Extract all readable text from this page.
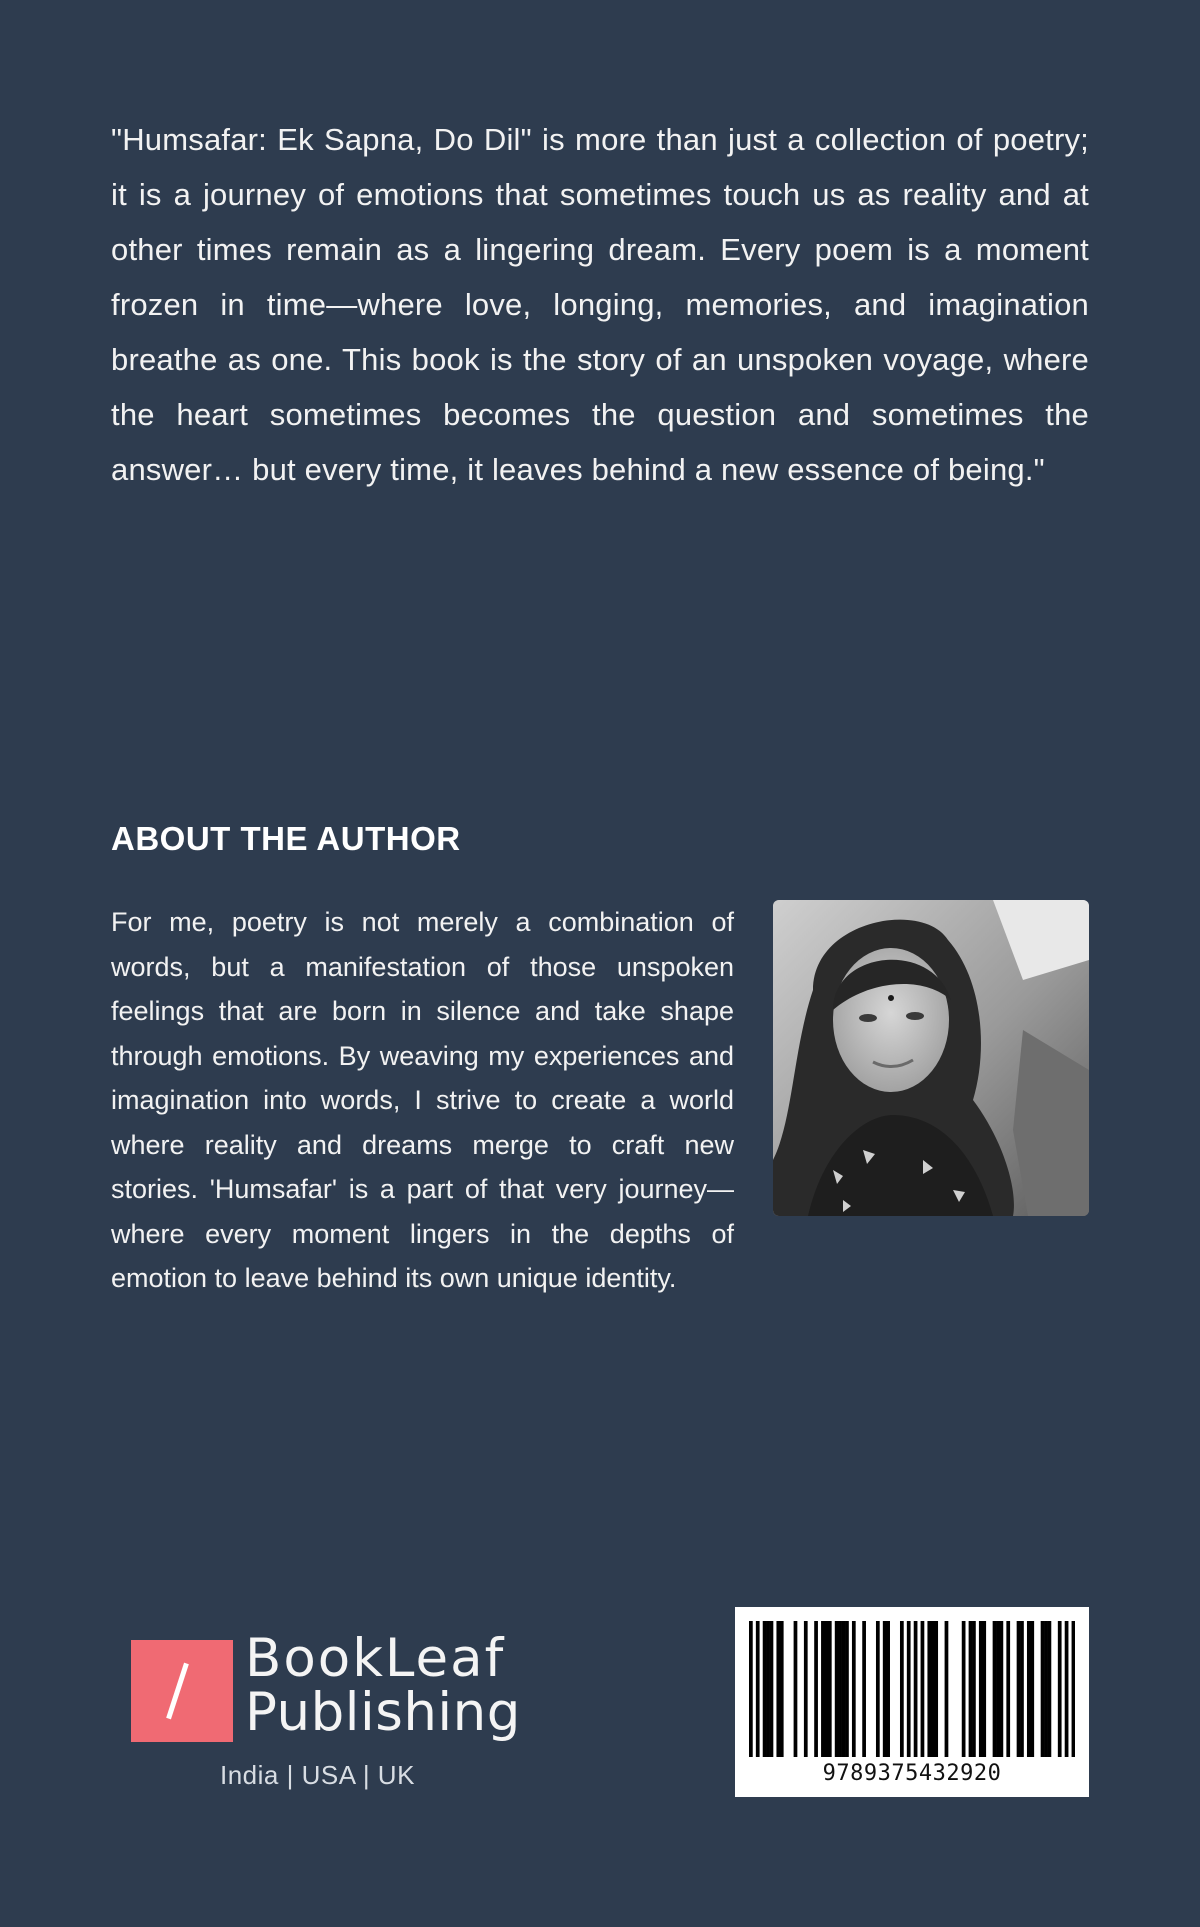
"Humsafar: Ek Sapna, Do Dil" is more than just a collection of poetry; it is a journey of emotions that sometimes touch us as reality and at other times remain as a lingering dream. Every poem is a moment frozen in time—where love, longing, memories, and imagination breathe as one. This book is the story of an unspoken voyage, where the heart sometimes becomes the question and sometimes the answer… but every time, it leaves behind a new essence of being."

ABOUT THE AUTHOR

For me, poetry is not merely a combination of words, but a manifestation of those unspoken feelings that are born in silence and take shape through emotions. By weaving my experiences and imagination into words, I strive to create a world where reality and dreams merge to craft new stories. 'Humsafar' is a part of that very journey—where every moment lingers in the depths of emotion to leave behind its own unique identity.

BookLeaf
Publishing
India | USA | UK	9789375432920
